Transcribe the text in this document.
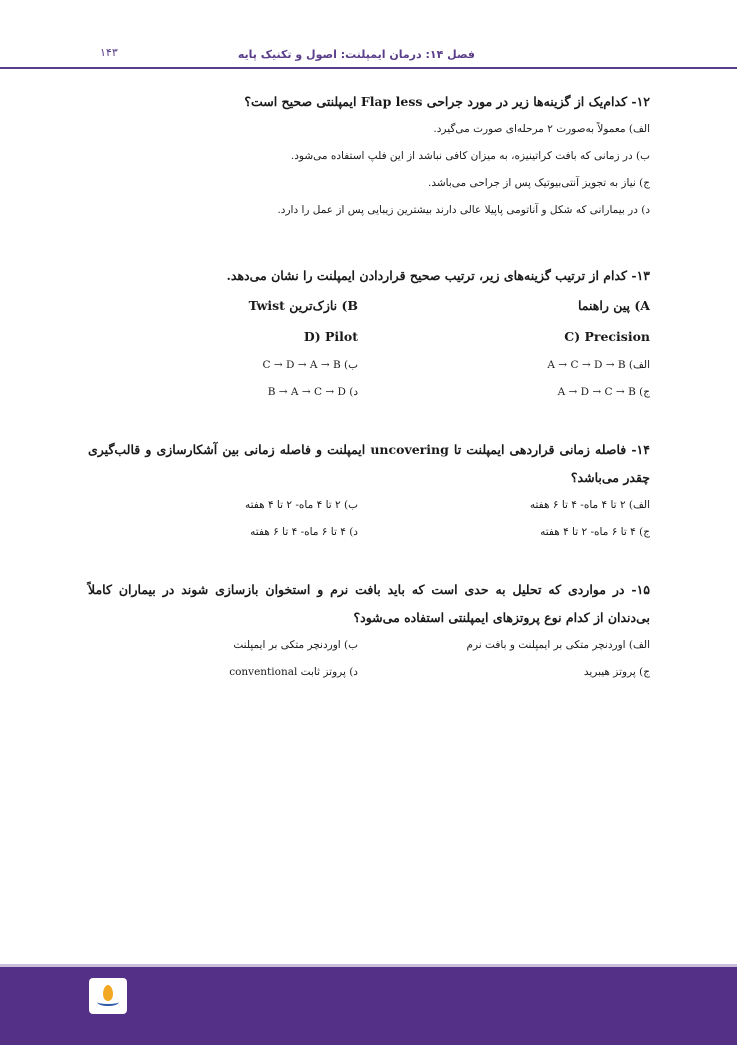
فصل ۱۴: درمان ایمپلنت: اصول و تکنیک پایه
۱۴۳

۱۲- کدام‌یک از گزینه‌ها زیر در مورد جراحی Flap less ایمپلنتی صحیح است؟

الف) معمولاً به‌صورت ۲ مرحله‌ای صورت می‌گیرد.

ب) در زمانی که بافت کراتینیزه، به میزان کافی نباشد از این فلپ استفاده می‌شود.

ج) نیاز به تجویز آنتی‌بیوتیک پس از جراحی می‌باشد.

د) در بیمارانی که شکل و آناتومی پاپیلا عالی دارند بیشترین زیبایی پس از عمل را دارد.

۱۳- کدام از ترتیب گزینه‌های زیر، ترتیب صحیح قراردادن ایمپلنت را نشان می‌دهد.

A) پین راهنما
B) نازک‌ترین Twist
C) Precision
D) Pilot
الف) A → C → D → B
ب) C → D → A → B
ج) A → D → C → B
د) B → A → C → D

۱۴- فاصله زمانی قراردهی ایمپلنت تا uncovering ایمپلنت و فاصله زمانی بین آشکارسازی و قالب‌گیری چقدر می‌باشد؟

الف) ۲ تا ۴ ماه- ۴ تا ۶ هفته
ب) ۲ تا ۴ ماه- ۲ تا ۴ هفته
ج) ۴ تا ۶ ماه- ۲ تا ۴ هفته
د) ۴ تا ۶ ماه- ۴ تا ۶ هفته

۱۵- در مواردی که تحلیل به حدی است که باید بافت نرم و استخوان بازسازی شوند در بیماران کاملاً بی‌دندان از کدام نوع پروتزهای ایمپلنتی استفاده می‌شود؟

الف) اوردنچر متکی بر ایمپلنت و بافت نرم
ب) اوردنچر متکی بر ایمپلنت
ج) پروتز هیبرید
د) پروتز ثابت conventional
